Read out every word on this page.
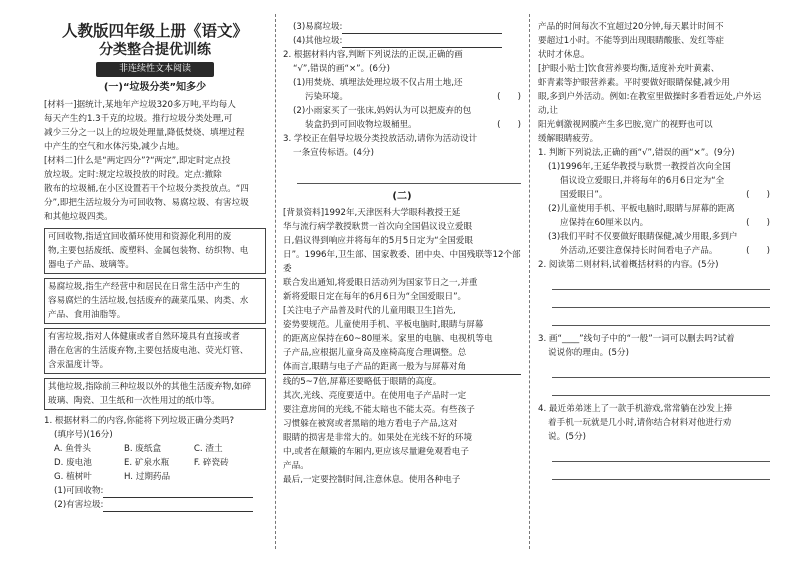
人教版四年级上册《语文》
分类整合提优训练
非连续性文本阅读
(一)“垃圾分类”知多少

[材料一]据统计,某地年产垃圾320多万吨,平均每人

每天产生约1.3千克的垃圾。推行垃圾分类处理,可

减少三分之一以上的垃圾处理量,降低焚烧、填埋过程

中产生的空气和水体污染,减少占地。

[材料二]什么是“两定四分”?“两定”,即定时定点投

放垃圾。定时:规定垃圾投放的时段。定点:撤除

散布的垃圾桶,在小区设置若干个垃圾分类投放点。“四

分”,即把生活垃圾分为可回收物、易腐垃圾、有害垃圾

和其他垃圾四类。

可回收物,指适宜回收循环使用和资源化利用的废

物,主要包括废纸、废塑料、金属包装物、纺织物、电

器电子产品、玻璃等。

易腐垃圾,指生产经营中和居民在日常生活中产生的

容易腐烂的生活垃圾,包括废弃的蔬菜瓜果、肉类、水

产品、食用油脂等。

有害垃圾,指对人体健康或者自然环境具有直接或者

潜在危害的生活废弃物,主要包括废电池、荧光灯管、

含汞温度计等。

其他垃圾,指除前三种垃圾以外的其他生活废弃物,如碎

玻璃、陶瓷、卫生纸和一次性用过的纸巾等。

1. 根据材料二的内容,你能将下列垃圾正确分类吗?

(填序号)(16分)

A. 鱼骨头	B. 废纸盒	C. 渣土
D. 废电池	E. 矿泉水瓶	F. 碎瓷砖
G. 植树叶	H. 过期药品

(1)可回收物:

(2)有害垃圾:

(3)易腐垃圾:

(4)其他垃圾:

2. 根据材料内容,判断下列说法的正误,正确的画

“√”,错误的画“×”。(6分)

(1)用焚烧、填埋法处理垃圾不仅占用土地,还

污染环境。	(　　)

(2)小雨家买了一张床,妈妈认为可以把废弃的包

装盒扔到可回收物垃圾桶里。	(　　)

3. 学校正在倡导垃圾分类投放活动,请你为活动设计

一条宣传标语。(4分)

(二)

[背景资料]1992年,天津医科大学眼科教授王延

华与流行病学教授耿贯一首次向全国倡议设立爱眼

日,倡议得到响应并将每年的5月5日定为“全国爱眼

日”。1996年,卫生部、国家教委、团中央、中国残联等12个部委

联合发出通知,将爱眼日活动列为国家节日之一,并重

新将爱眼日定在每年的6月6日为“全国爱眼日”。

[关注电子产品普及时代的儿童用眼卫生]首先,

姿势要规范。儿童使用手机、平板电脑时,眼睛与屏幕

的距离应保持在60~80厘米。家里的电脑、电视机等电

子产品,应根据儿童身高及座椅高度合理调整。总

体而言,眼睛与电子产品的距离一般为与屏幕对角

线的5~7倍,屏幕还要略低于眼睛的高度。

其次,光线、亮度要适中。在使用电子产品时一定

要注意房间的光线,不能太暗也不能太亮。有些孩子

习惯躲在被窝或者黑暗的地方看电子产品,这对

眼睛的损害是非常大的。如果处在光线不好的环境

中,或者在颠簸的车厢内,更应该尽量避免观看电子

产品。

最后,一定要控制时间,注意休息。使用各种电子

产品的时间每次不宜超过20分钟,每天累计时间不

要超过1小时。不能等到出现眼睛酸胀、发红等症

状时才休息。

[护眼小贴士]饮食营养要均衡,适度补充叶黄素、

虾青素等护眼营养素。平时要做好眼睛保健,减少用

眼,多到户外活动。例如:在教室里做操时多看看远处,户外运动,让

阳光刺激视网膜产生多巴胺,宽广的视野也可以

缓解眼睛疲劳。

1. 判断下列说法,正确的画“√”,错误的画“×”。(9分)

(1)1996年,王延华教授与耿贯一教授首次向全国

倡议设立爱眼日,并将每年的6月6日定为“全

国爱眼日”。	(　　)

(2)儿童使用手机、平板电脑时,眼睛与屏幕的距离

应保持在60厘米以内。	(　　)

(3)我们平时不仅要做好眼睛保健,减少用眼,多到户

外活动,还要注意保持长时间看电子产品。	(　　)

2. 阅读第二则材料,试着概括材料的内容。(5分)

3. 画“____”线句子中的“一般”一词可以删去吗?试着

说说你的理由。(5分)

4. 最近弟弟迷上了一款手机游戏,常常躺在沙发上捧

着手机一玩就是几小时,请你结合材料对他进行劝

说。(5分)
